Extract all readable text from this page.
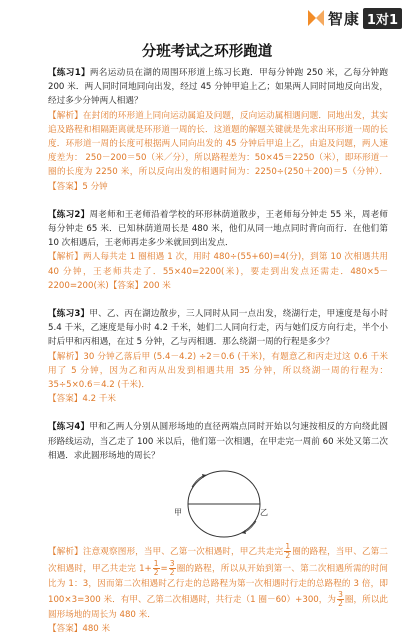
智康 1对1
分班考试之环形跑道

【练习1】两名运动员在湖的周围环形道上练习长跑．甲每分钟跑 250 米，乙每分钟跑 200 米．两人同时同地同向出发，经过 45 分钟甲追上乙；如果两人同时同地反向出发，经过多少分钟两人相遇？

【解析】在封闭的环形道上同向运动属追及问题，反向运动属相遇问题．同地出发，其实追及路程和相隔距离就是环形道一周的长．这道题的解题关键就是先求出环形道一周的长度．环形道一周的长度可根据两人同向出发的 45 分钟后甲追上乙，由追及问题，两人速度差为： 250－200＝50（米／分），所以路程差为：50×45＝2250（米），即环形道一圈的长度为 2250 米，所以反向出发的相遇时间为：2250÷(250＋200)＝5（分钟）． 【答案】5 分钟

【练习2】周老师和王老师沿着学校的环形林荫道散步，王老师每分钟走 55 米，周老师每分钟走 65 米．已知林荫道周长是 480 米，他们从同一地点同时背向而行．在他们第 10 次相遇后，王老师再走多少米就回到出发点．

【解析】两人每共走 1 圈相遇 1 次，用时 480÷(55+60)=4(分)，到第 10 次相遇共用 40 分钟，王老师共走了．55×40=2200(米)，要走到出发点还需走．480×5－2200=200(米)【答案】200 米

【练习3】甲、乙、丙在湖边散步，三人同时从同一点出发，绕湖行走，甲速度是每小时 5.4 千米，乙速度是每小时 4.2 千米，她们二人同向行走，丙与她们反方向行走，半个小时后甲和丙相遇，在过 5 分钟，乙与丙相遇．那么绕湖一周的行程是多少？

【解析】30 分钟乙落后甲 (5.4－4.2) ÷2＝0.6 (千米)，有题意乙和丙走过这 0.6 千米用了 5 分钟，因为乙和丙从出发到相遇共用 35 分钟，所以绕湖一周的行程为：35÷5×0.6＝4.2 (千米)．

【答案】4.2 千米

【练习4】甲和乙两人分别从圆形场地的直径两端点同时开始以匀速按相反的方向绕此圆形路线运动，当乙走了 100 米以后，他们第一次相遇，在甲走完一周前 60 米处又第二次相遇．求此圆形场地的周长？

甲	乙

【解析】注意观察图形，当甲、乙第一次相遇时，甲乙共走完 $\frac{1}{2}$ 圈的路程，当甲、乙第二次相遇时，甲乙共走完 $1+ \frac{1}{2} = \frac{3}{2}$ 圈的路程，所以从开始到第一、第二次相遇所需的时间比为 1：3，因而第二次相遇时乙行走的总路程为第一次相遇时行走的总路程的 3 倍，即 100×3=300 米．有甲、乙第二次相遇时，共行走（1 圈－60）+300，为 $\frac{3}{2}$ 圈，所以此圆形场地的周长为 480 米．

【答案】480 米
